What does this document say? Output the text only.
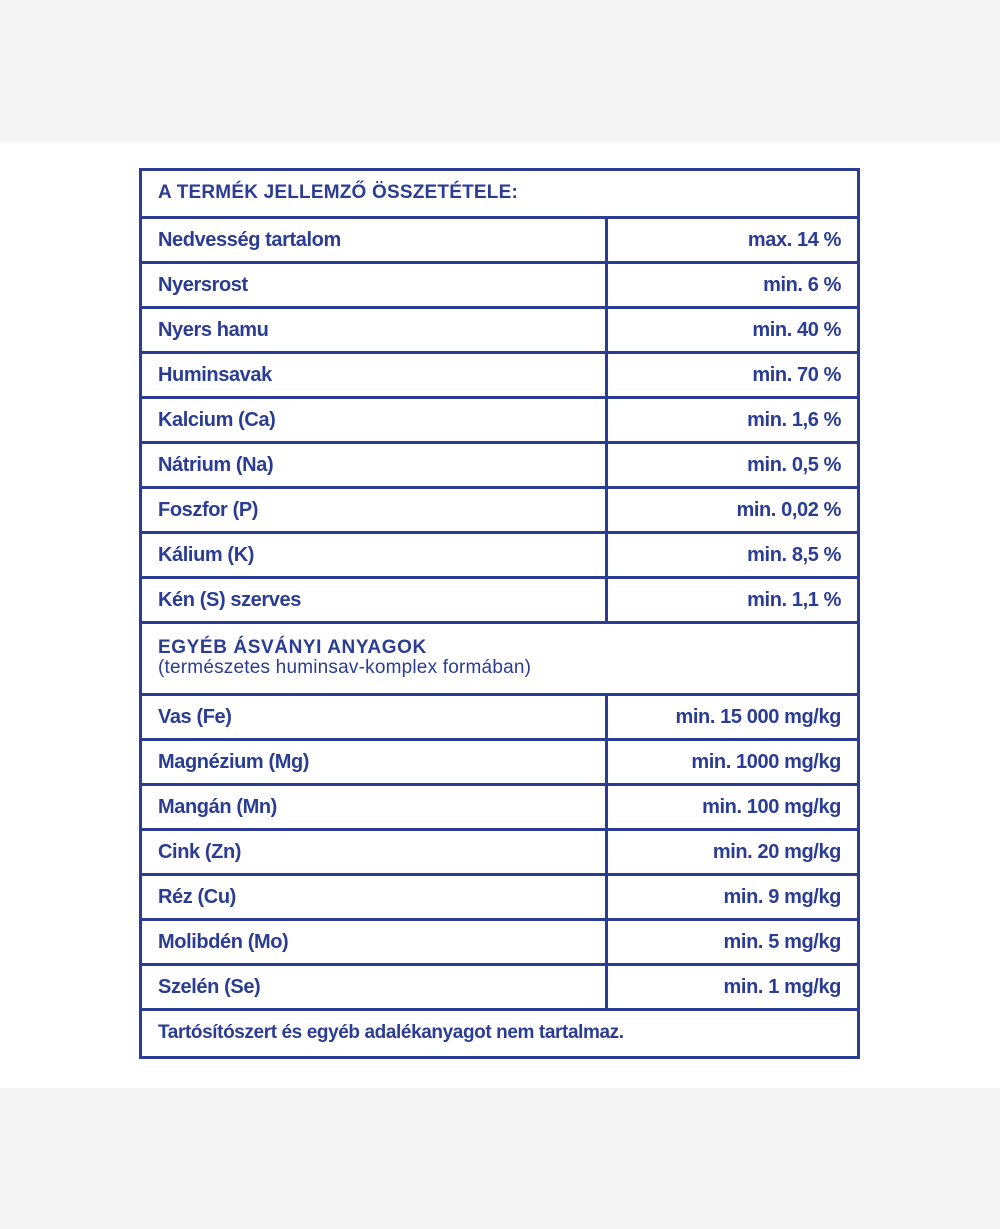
A TERMÉK JELLEMZŐ ÖSSZETÉTELE:	
Nedvesség tartalom	max. 14 %
Nyersrost	min. 6 %
Nyers hamu	min. 40 %
Huminsavak	min. 70 %
Kalcium (Ca)	min. 1,6 %
Nátrium (Na)	min. 0,5 %
Foszfor (P)	min. 0,02 %
Kálium (K)	min. 8,5 %
Kén (S) szerves	min. 1,1 %

EGYÉB ÁSVÁNYI ANYAGOK
(természetes huminsav-komplex formában)	

Vas (Fe)	min. 15 000 mg/kg
Magnézium (Mg)	min. 1000 mg/kg
Mangán (Mn)	min. 100 mg/kg
Cink (Zn)	min. 20 mg/kg
Réz (Cu)	min. 9 mg/kg
Molibdén (Mo)	min. 5 mg/kg
Szelén (Se)	min. 1 mg/kg
Tartósítószert és egyéb adalékanyagot nem tartalmaz.	
